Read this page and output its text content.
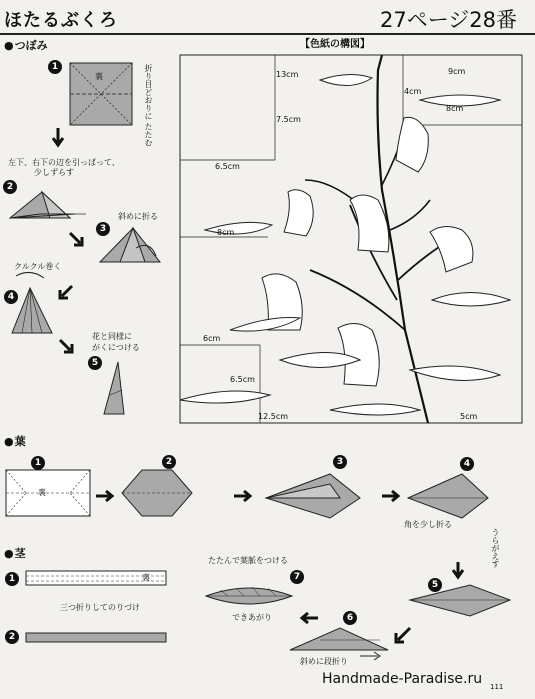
ほたるぶくろ	27ページ28番
● つぼみ
1
裏	折り目どおりに たたむ
左下、右下の辺を引っぱって、
少しずらす
2
3
斜めに折る
クルクル巻く
4
花と同様に
がくにつける
5
【色紙の構図】
13cm	9cm
4cm
8cm
7.5cm
6.5cm
8cm
6cm
6.5cm
12.5cm	5cm
● 葉
1
裏
2	3	4
角を少し折る
うらがえす
5
6
斜めに段折り
たたんで葉脈をつける
7
できあがり
● 茎
1	裏
三つ折りしてのりづけ
2
Handmade-Paradise.ru 111
